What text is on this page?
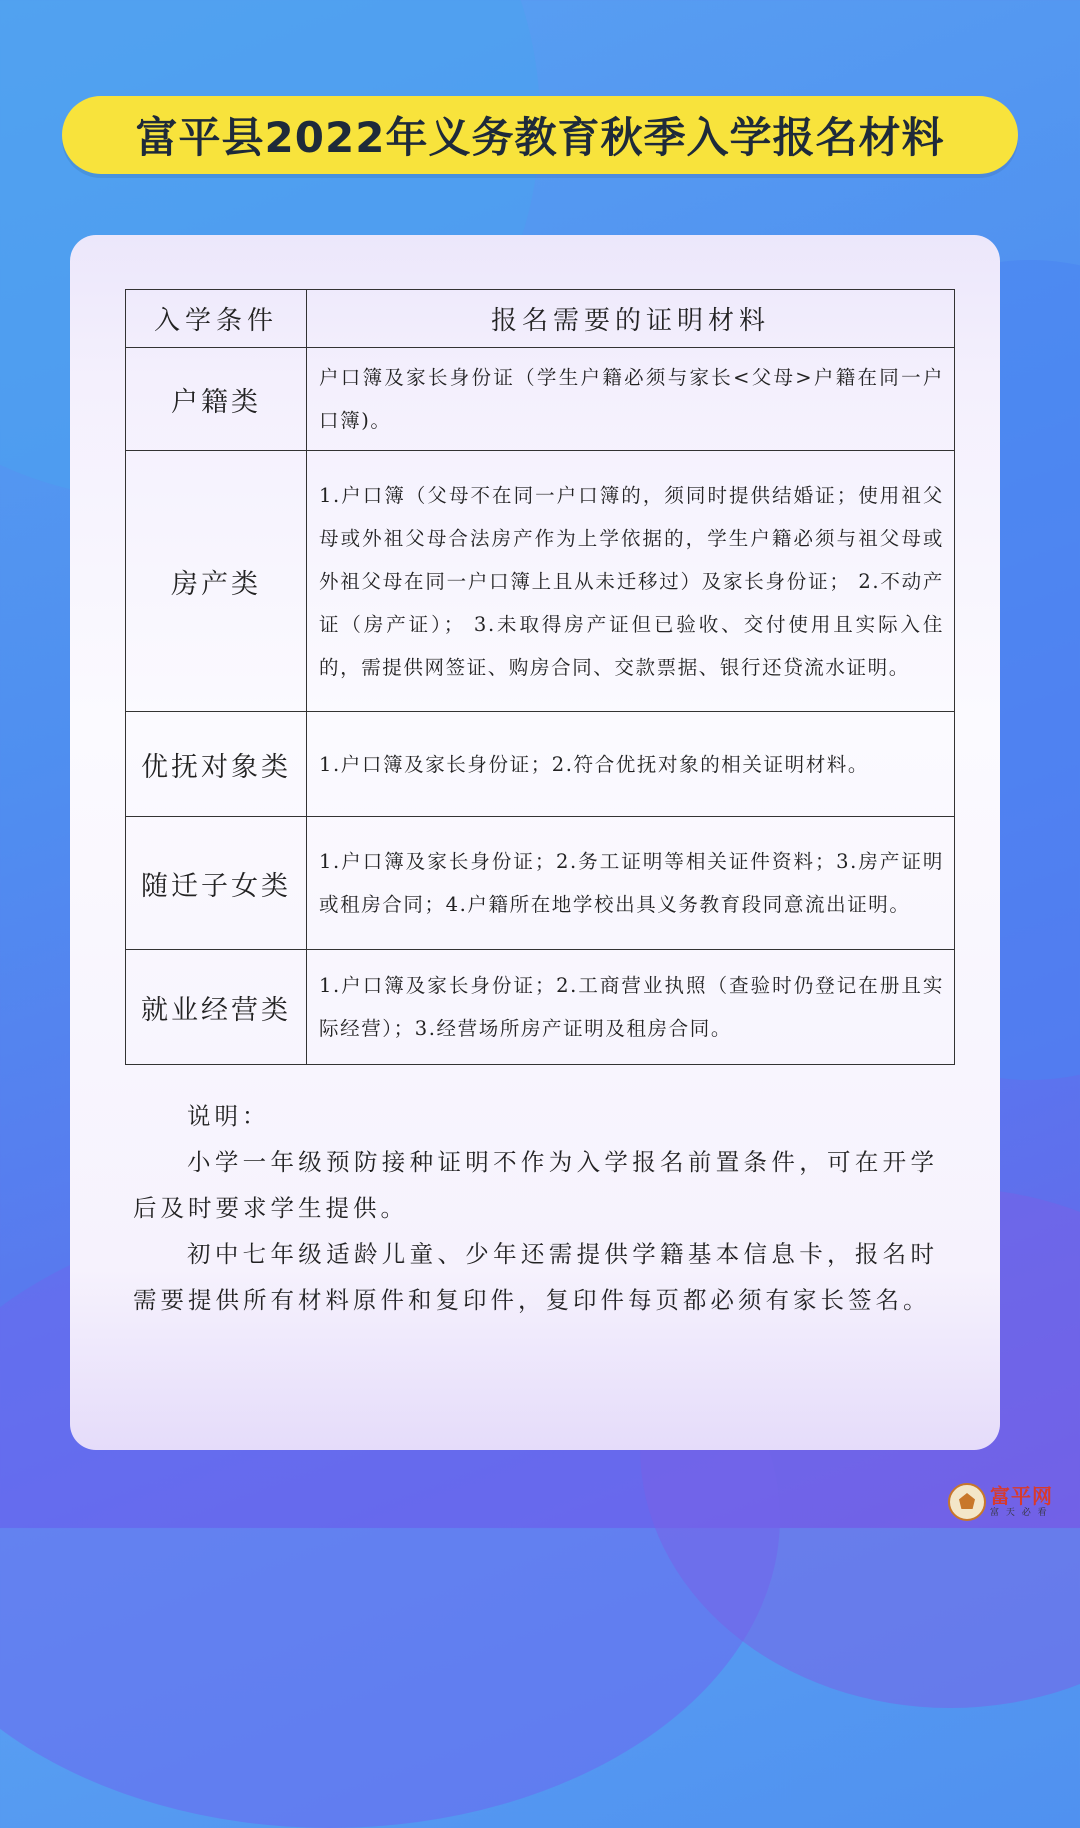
富平县2022年义务教育秋季入学报名材料
入学条件	报名需要的证明材料
户籍类	户口簿及家长身份证（学生户籍必须与家长<父母>户籍在同一户口簿)。
房产类	1.户口簿（父母不在同一户口簿的，须同时提供结婚证；使用祖父母或外祖父母合法房产作为上学依据的，学生户籍必须与祖父母或外祖父母在同一户口簿上且从未迁移过）及家长身份证； 2.不动产证（房产证）； 3.未取得房产证但已验收、交付使用且实际入住的，需提供网签证、购房合同、交款票据、银行还贷流水证明。
优抚对象类	1.户口簿及家长身份证；2.符合优抚对象的相关证明材料。
随迁子女类	1.户口簿及家长身份证；2.务工证明等相关证件资料；3.房产证明或租房合同；4.户籍所在地学校出具义务教育段同意流出证明。
就业经营类	1.户口簿及家长身份证；2.工商营业执照（查验时仍登记在册且实际经营）；3.经营场所房产证明及租房合同。

说明：

小学一年级预防接种证明不作为入学报名前置条件，可在开学后及时要求学生提供。

初中七年级适龄儿童、少年还需提供学籍基本信息卡，报名时需要提供所有材料原件和复印件，复印件每页都必须有家长签名。

富平网
富 天 必 看
